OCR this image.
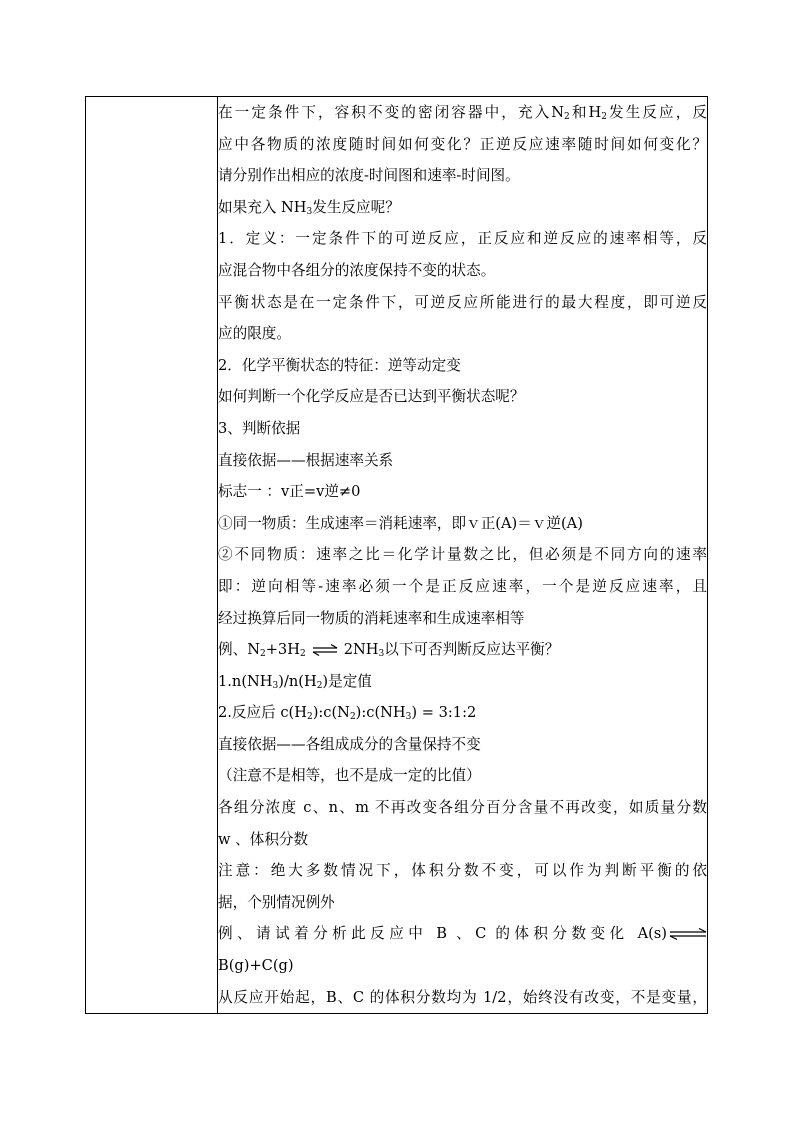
在一定条件下，容积不变的密闭容器中，充入$N_2$和$H_2$发生反应，反
应中各物质的浓度随时间如何变化？正逆反应速率随时间如何变化？
请分别作出相应的浓度-时间图和速率-时间图。
如果充入 $NH_3$发生反应呢？
1．定义：一定条件下的可逆反应，正反应和逆反应的速率相等，反
应混合物中各组分的浓度保持不变的状态。
平衡状态是在一定条件下，可逆反应所能进行的最大程度，即可逆反
应的限度。
2．化学平衡状态的特征：逆等动定变
如何判断一个化学反应是否已达到平衡状态呢？
3、判断依据
直接依据——根据速率关系
标志一 ：v正=v逆≠0
①同一物质：生成速率＝消耗速率，即ｖ正(A)＝ｖ逆(A)
②不同物质：速率之比＝化学计量数之比，但必须是不同方向的速率
即：逆向相等-速率必须一个是正反应速率，一个是逆反应速率，且
经过换算后同一物质的消耗速率和生成速率相等
例、$N_2+3H_2$ ⇌ $2NH_3$以下可否判断反应达平衡？
$1.n(NH_3)/n(H_2)$是定值
2.反应后 $c(H_2):c(N_2):c(NH_3)$ = 3:1:2
直接依据——各组成成分的含量保持不变
（注意不是相等，也不是成一定的比值）
各组分浓度 c、n、m 不再改变各组分百分含量不再改变，如质量分数
w 、体积分数
注意：绝大多数情况下，体积分数不变，可以作为判断平衡的依
据，个别情况例外
例、请试着分析此反应中 B 、C 的体积分数变化 A(s) ⇌
B(g)+C(g)
从反应开始起，B、C 的体积分数均为 1/2，始终没有改变，不是变量，
